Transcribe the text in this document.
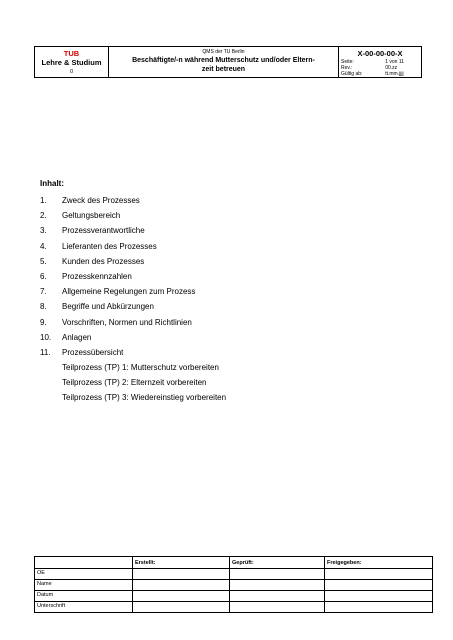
TUB
Lehre & Studium
0

QMS der TU Berlin
Beschäftigte/-n während Mutterschutz und/oder Eltern-
zeit betreuen

X-00-00-00-X
Seite:	1 von 11
Rev.:	00.zz
Gültig ab:	tt.mm.jjjj
Inhalt:
1. Zweck des Prozesses
2. Geltungsbereich
3. Prozessverantwortliche
4. Lieferanten des Prozesses
5. Kunden des Prozesses
6. Prozesskennzahlen
7. Allgemeine Regelungen zum Prozess
8. Begriffe und Abkürzungen
9. Vorschriften, Normen und Richtlinien
10. Anlagen
11. Prozessübersicht
Teilprozess (TP) 1: Mutterschutz vorbereiten
Teilprozess (TP) 2: Elternzeit vorbereiten
Teilprozess (TP) 3: Wiedereinstieg vorbereiten
	Erstellt:	Geprüft:	Freigegeben:
OE			
Name			
Datum			
Unterschrift			
